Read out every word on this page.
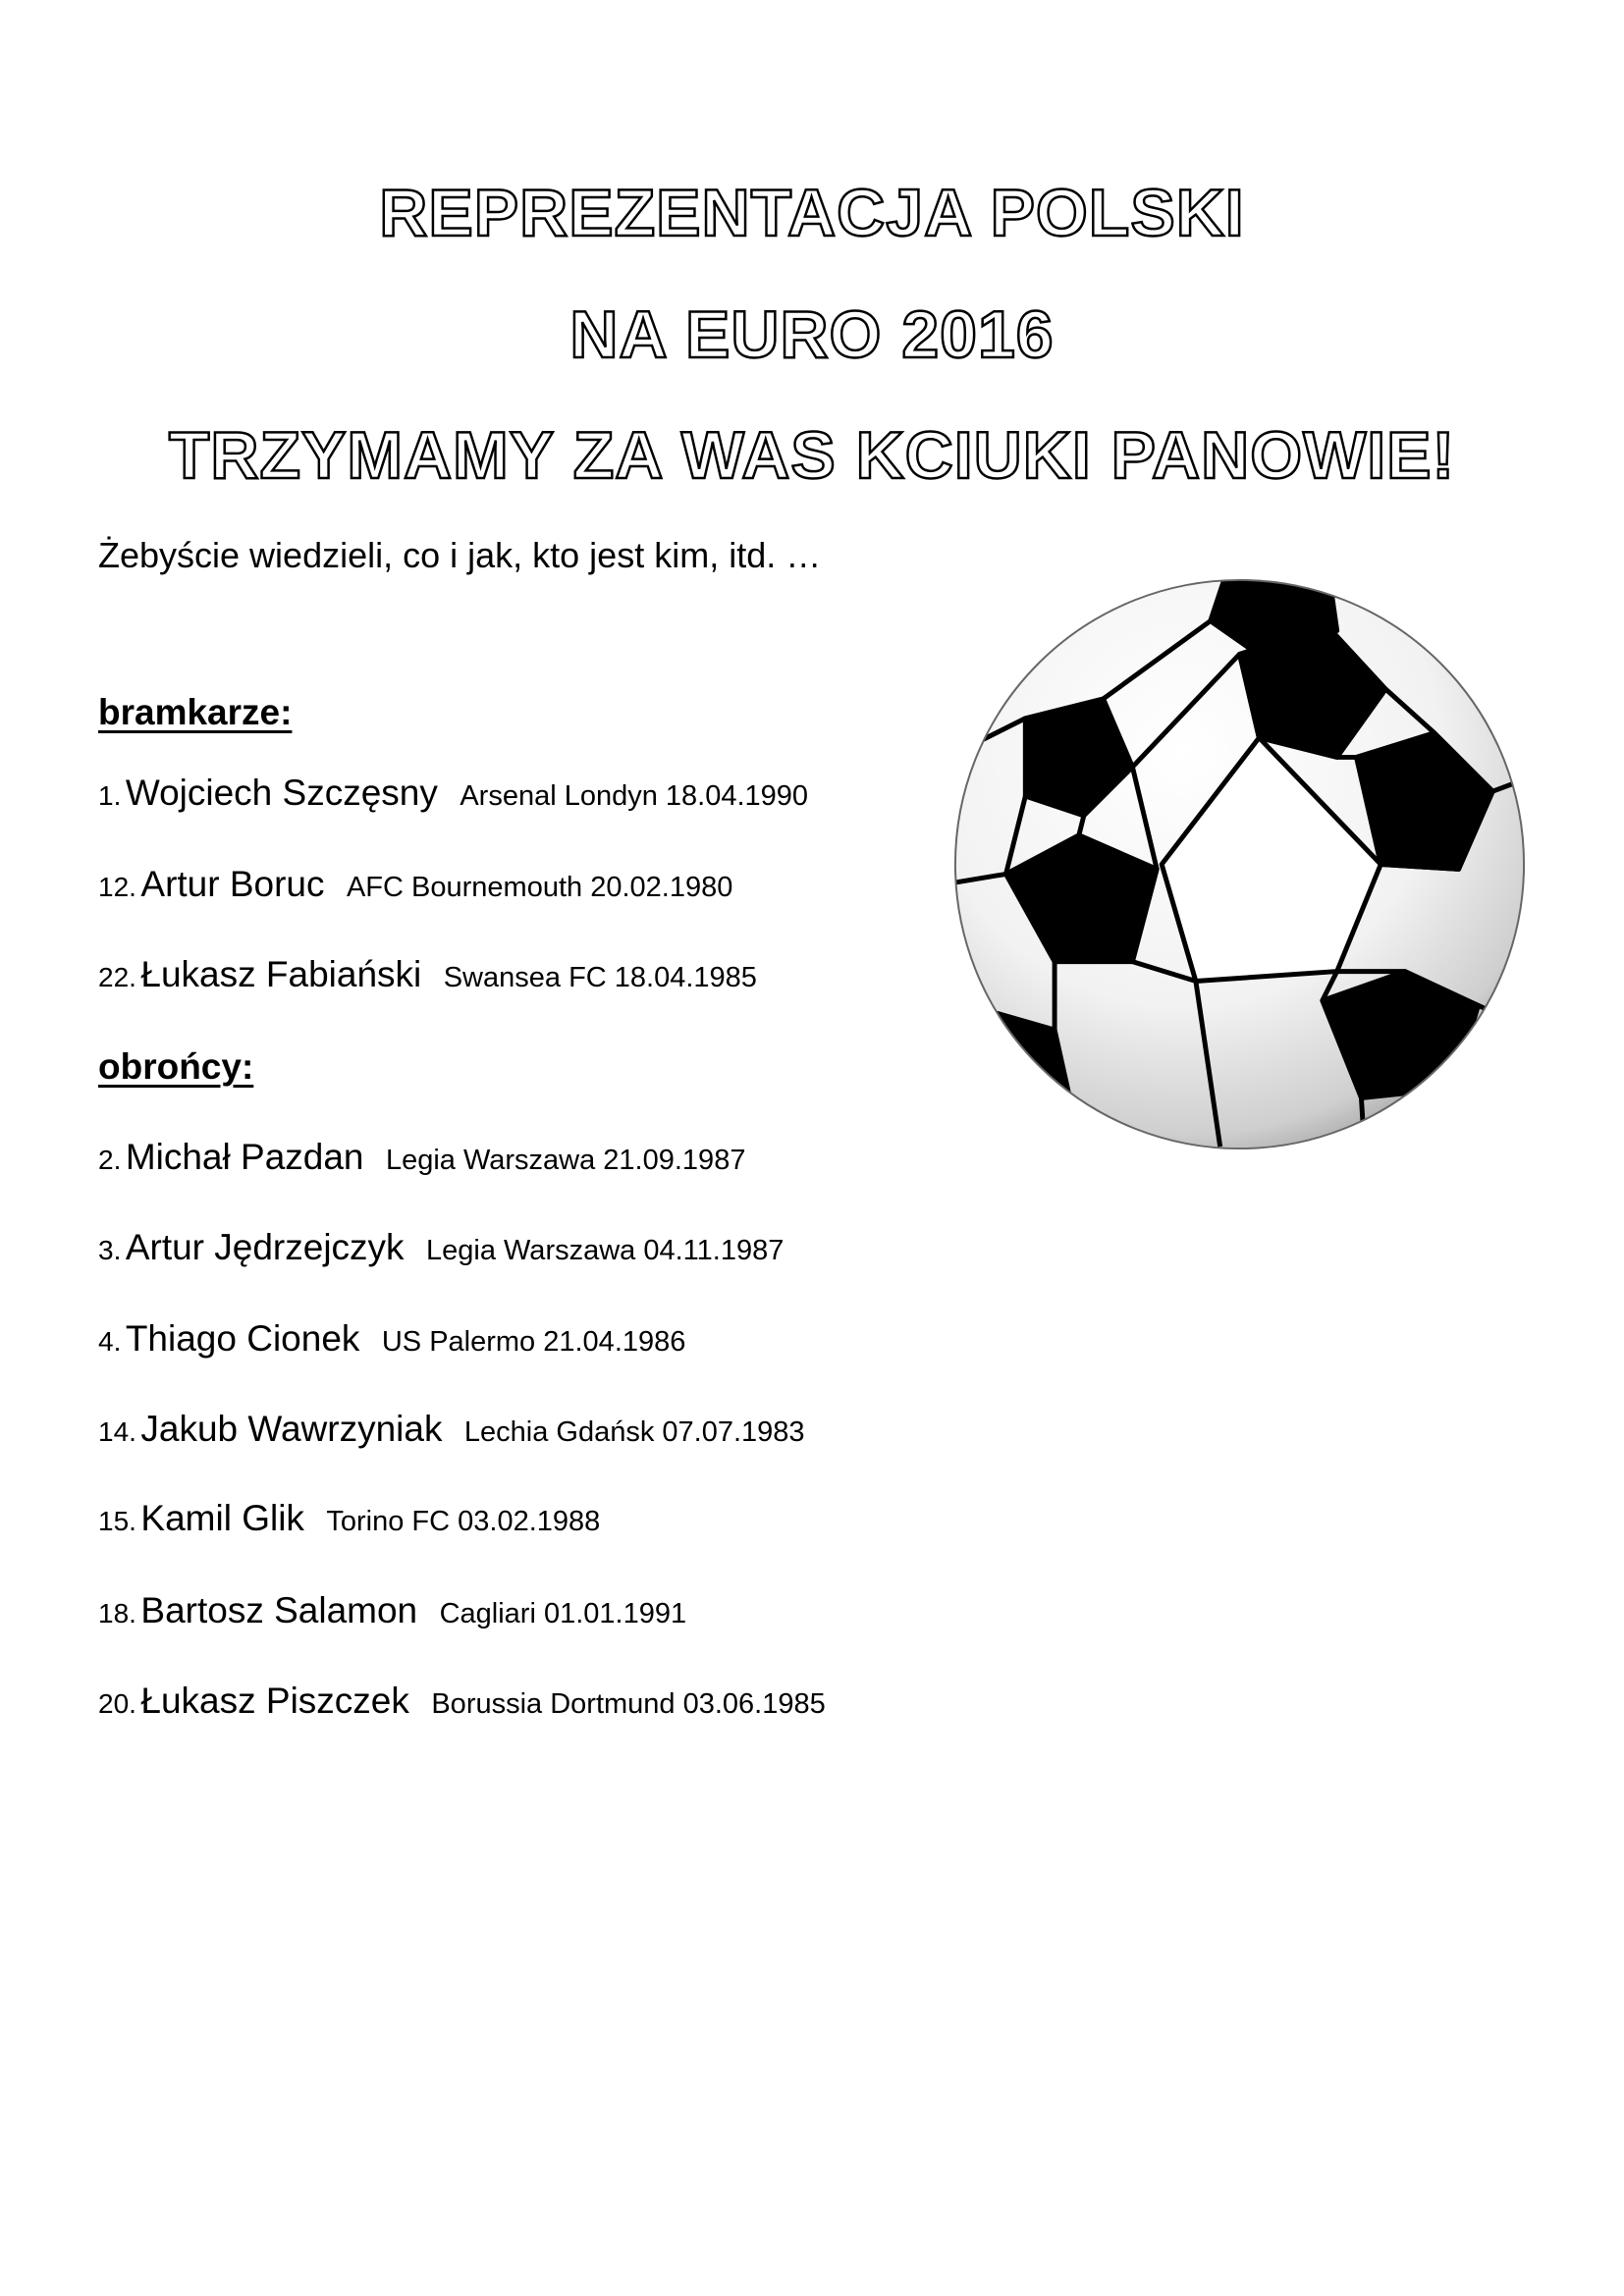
REPREZENTACJA POLSKI
NA EURO 2016
TRZYMAMY ZA WAS KCIUKI PANOWIE!
Żebyście wiedzieli, co i jak, kto jest kim, itd. …
bramkarze:
1. Wojciech Szczęsny Arsenal Londyn 18.04.1990
12. Artur Boruc AFC Bournemouth 20.02.1980
22. Łukasz Fabiański Swansea FC 18.04.1985
obrońcy:
2. Michał Pazdan Legia Warszawa 21.09.1987
3. Artur Jędrzejczyk Legia Warszawa 04.11.1987
4. Thiago Cionek US Palermo 21.04.1986
14. Jakub Wawrzyniak Lechia Gdańsk 07.07.1983
15. Kamil Glik Torino FC 03.02.1988
18. Bartosz Salamon Cagliari 01.01.1991
20. Łukasz Piszczek Borussia Dortmund 03.06.1985
